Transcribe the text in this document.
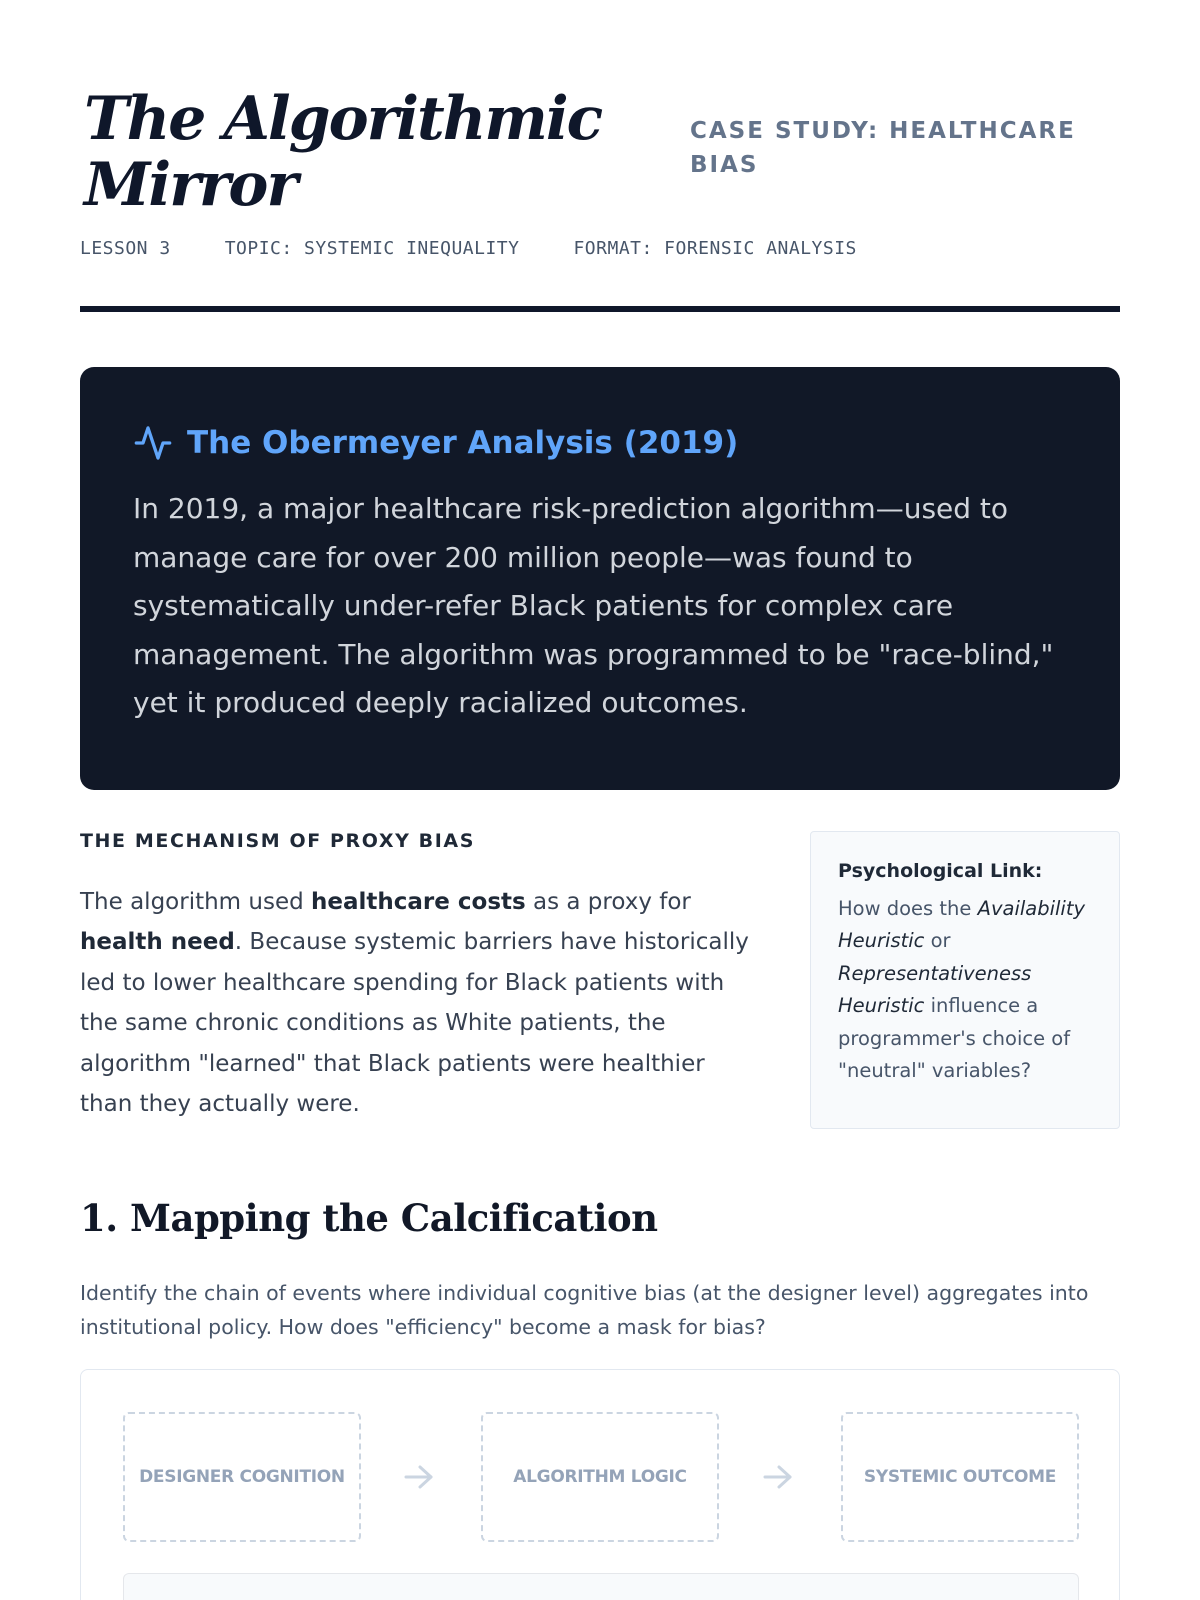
The Algorithmic
Mirror
CASE STUDY: HEALTHCARE BIAS
LESSON 3	TOPIC: SYSTEMIC INEQUALITY	FORMAT: FORENSIC ANALYSIS
The Obermeyer Analysis (2019)

In 2019, a major healthcare risk-prediction algorithm—used to manage care for over 200 million people—was found to systematically under-refer Black patients for complex care management. The algorithm was programmed to be "race-blind," yet it produced deeply racialized outcomes.

THE MECHANISM OF PROXY BIAS

The algorithm used healthcare costs as a proxy for health need. Because systemic barriers have historically led to lower healthcare spending for Black patients with the same chronic conditions as White patients, the algorithm "learned" that Black patients were healthier than they actually were.

Psychological Link:

How does the Availability Heuristic or Representativeness Heuristic influence a programmer's choice of "neutral" variables?

1. Mapping the Calcification

Identify the chain of events where individual cognitive bias (at the designer level) aggregates into institutional policy. How does "efficiency" become a mask for bias?

DESIGNER COGNITION	ALGORITHM LOGIC	SYSTEMIC OUTCOME
